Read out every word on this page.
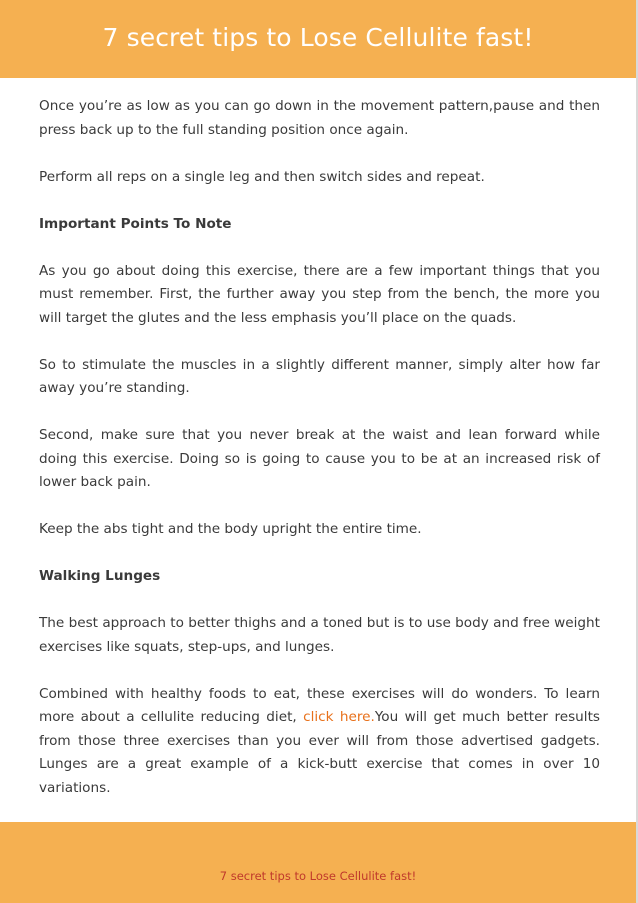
7 secret tips to Lose Cellulite fast!

Once you’re as low as you can go down in the movement pattern,pause and then press back up to the full standing position once again.

Perform all reps on a single leg and then switch sides and repeat.

Important Points To Note

As you go about doing this exercise, there are a few important things that you must remember. First, the further away you step from the bench, the more you will target the glutes and the less emphasis you’ll place on the quads.

So to stimulate the muscles in a slightly different manner, simply alter how far away you’re standing.

Second, make sure that you never break at the waist and lean forward while doing this exercise. Doing so is going to cause you to be at an increased risk of lower back pain.

Keep the abs tight and the body upright the entire time.

Walking Lunges

The best approach to better thighs and a toned but is to use body and free weight exercises like squats, step-ups, and lunges.

Combined with healthy foods to eat, these exercises will do wonders. To learn more about a cellulite reducing diet, click here.You will get much better results from those three exercises than you ever will from those advertised gadgets. Lunges are a great example of a kick-butt exercise that comes in over 10 variations.

7 secret tips to Lose Cellulite fast!
